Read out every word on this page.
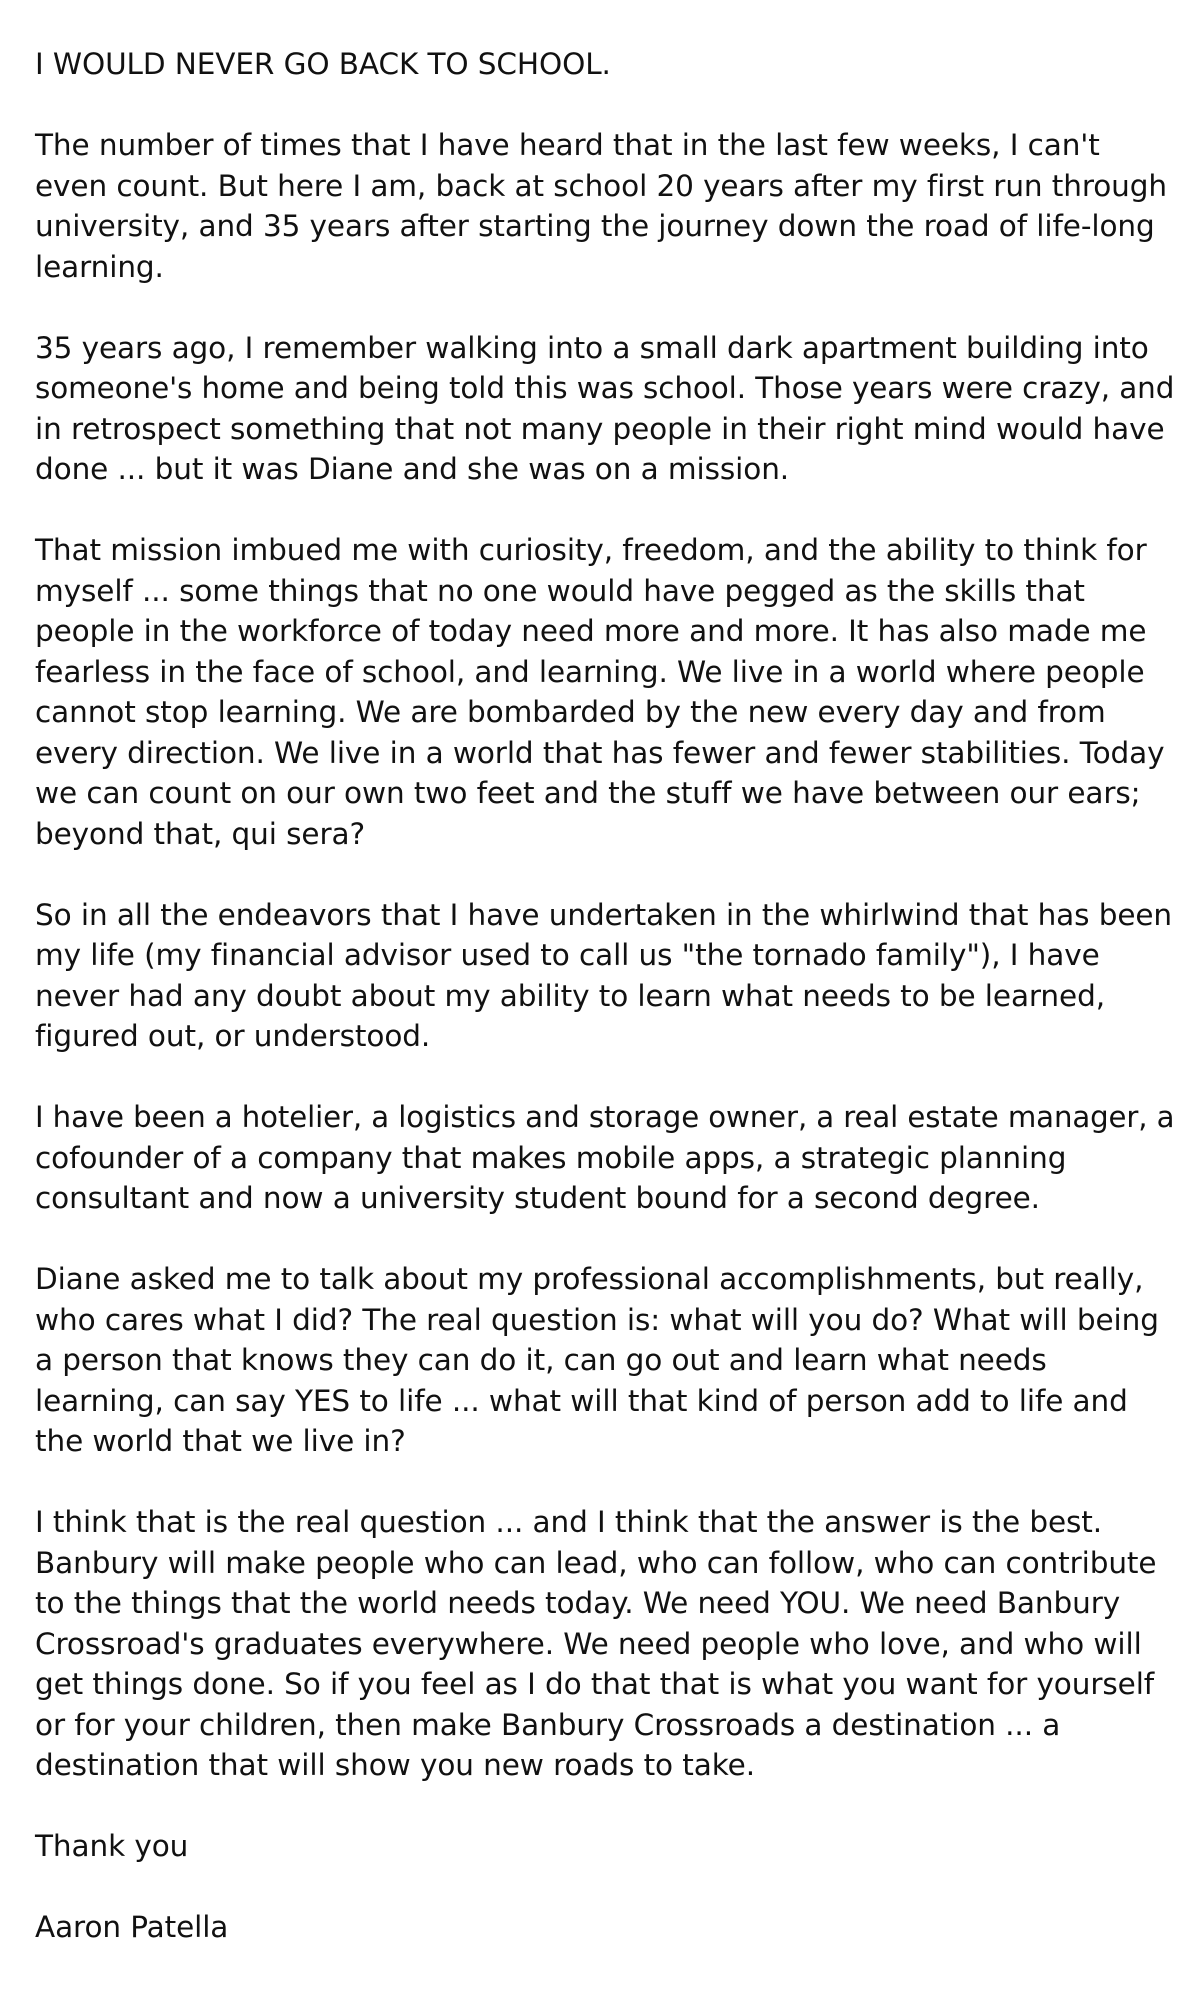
I WOULD NEVER GO BACK TO SCHOOL.
The number of times that I have heard that in the last few weeks, I can't
even count. But here I am, back at school 20 years after my first run through
university, and 35 years after starting the journey down the road of life-long
learning.
35 years ago, I remember walking into a small dark apartment building into
someone's home and being told this was school. Those years were crazy, and
in retrospect something that not many people in their right mind would have
done ... but it was Diane and she was on a mission.
That mission imbued me with curiosity, freedom, and the ability to think for
myself ... some things that no one would have pegged as the skills that
people in the workforce of today need more and more. It has also made me
fearless in the face of school, and learning. We live in a world where people
cannot stop learning. We are bombarded by the new every day and from
every direction. We live in a world that has fewer and fewer stabilities. Today
we can count on our own two feet and the stuff we have between our ears;
beyond that, qui sera?
So in all the endeavors that I have undertaken in the whirlwind that has been
my life (my financial advisor used to call us "the tornado family"), I have
never had any doubt about my ability to learn what needs to be learned,
figured out, or understood.
I have been a hotelier, a logistics and storage owner, a real estate manager, a
cofounder of a company that makes mobile apps, a strategic planning
consultant and now a university student bound for a second degree.
Diane asked me to talk about my professional accomplishments, but really,
who cares what I did? The real question is: what will you do? What will being
a person that knows they can do it, can go out and learn what needs
learning, can say YES to life ... what will that kind of person add to life and
the world that we live in?
I think that is the real question ... and I think that the answer is the best.
Banbury will make people who can lead, who can follow, who can contribute
to the things that the world needs today. We need YOU. We need Banbury
Crossroad's graduates everywhere. We need people who love, and who will
get things done. So if you feel as I do that that is what you want for yourself
or for your children, then make Banbury Crossroads a destination ... a
destination that will show you new roads to take.
Thank you
Aaron Patella
